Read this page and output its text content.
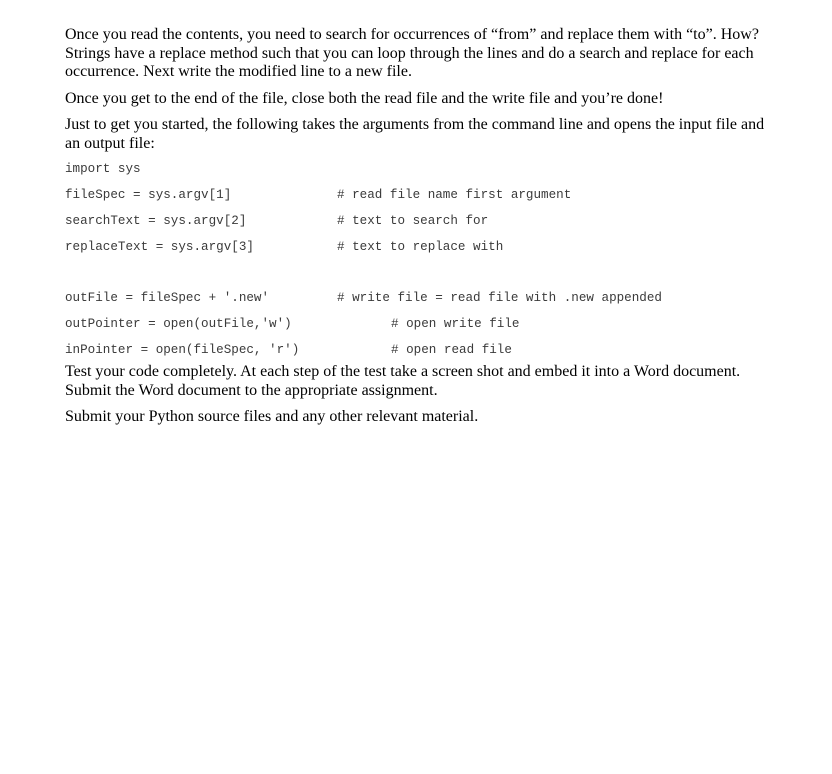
Once you read the contents, you need to search for occurrences of “from” and replace them with “to”. How? Strings have a replace method such that you can loop through the lines and do a search and replace for each occurrence. Next write the modified line to a new file.

Once you get to the end of the file, close both the read file and the write file and you’re done!

Just to get you started, the following takes the arguments from the command line and opens the input file and an output file:

import sys

fileSpec = sys.argv[1]

	# read file name first argument

searchText = sys.argv[2]

	# text to search for

replaceText = sys.argv[3]

	# text to replace with

outFile = fileSpec + '.new'

	# write file = read file with .new appended

outPointer = open(outFile,'w')

	# open write file

inPointer = open(fileSpec, 'r')

	# open read file

Test your code completely. At each step of the test take a screen shot and embed it into a Word document. Submit the Word document to the appropriate assignment.

Submit your Python source files and any other relevant material.
